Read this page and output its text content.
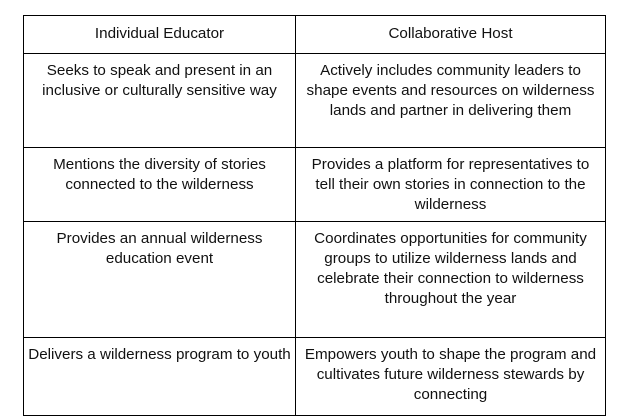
Individual Educator	Collaborative Host
Seeks to speak and present in an inclusive or culturally sensitive way	Actively includes community leaders to shape events and resources on wilderness lands and partner in delivering them
Mentions the diversity of stories connected to the wilderness	Provides a platform for representatives to tell their own stories in connection to the wilderness
Provides an annual wilderness education event	Coordinates opportunities for community groups to utilize wilderness lands and celebrate their connection to wilderness throughout the year
Delivers a wilderness program to youth	Empowers youth to shape the program and cultivates future wilderness stewards by connecting
